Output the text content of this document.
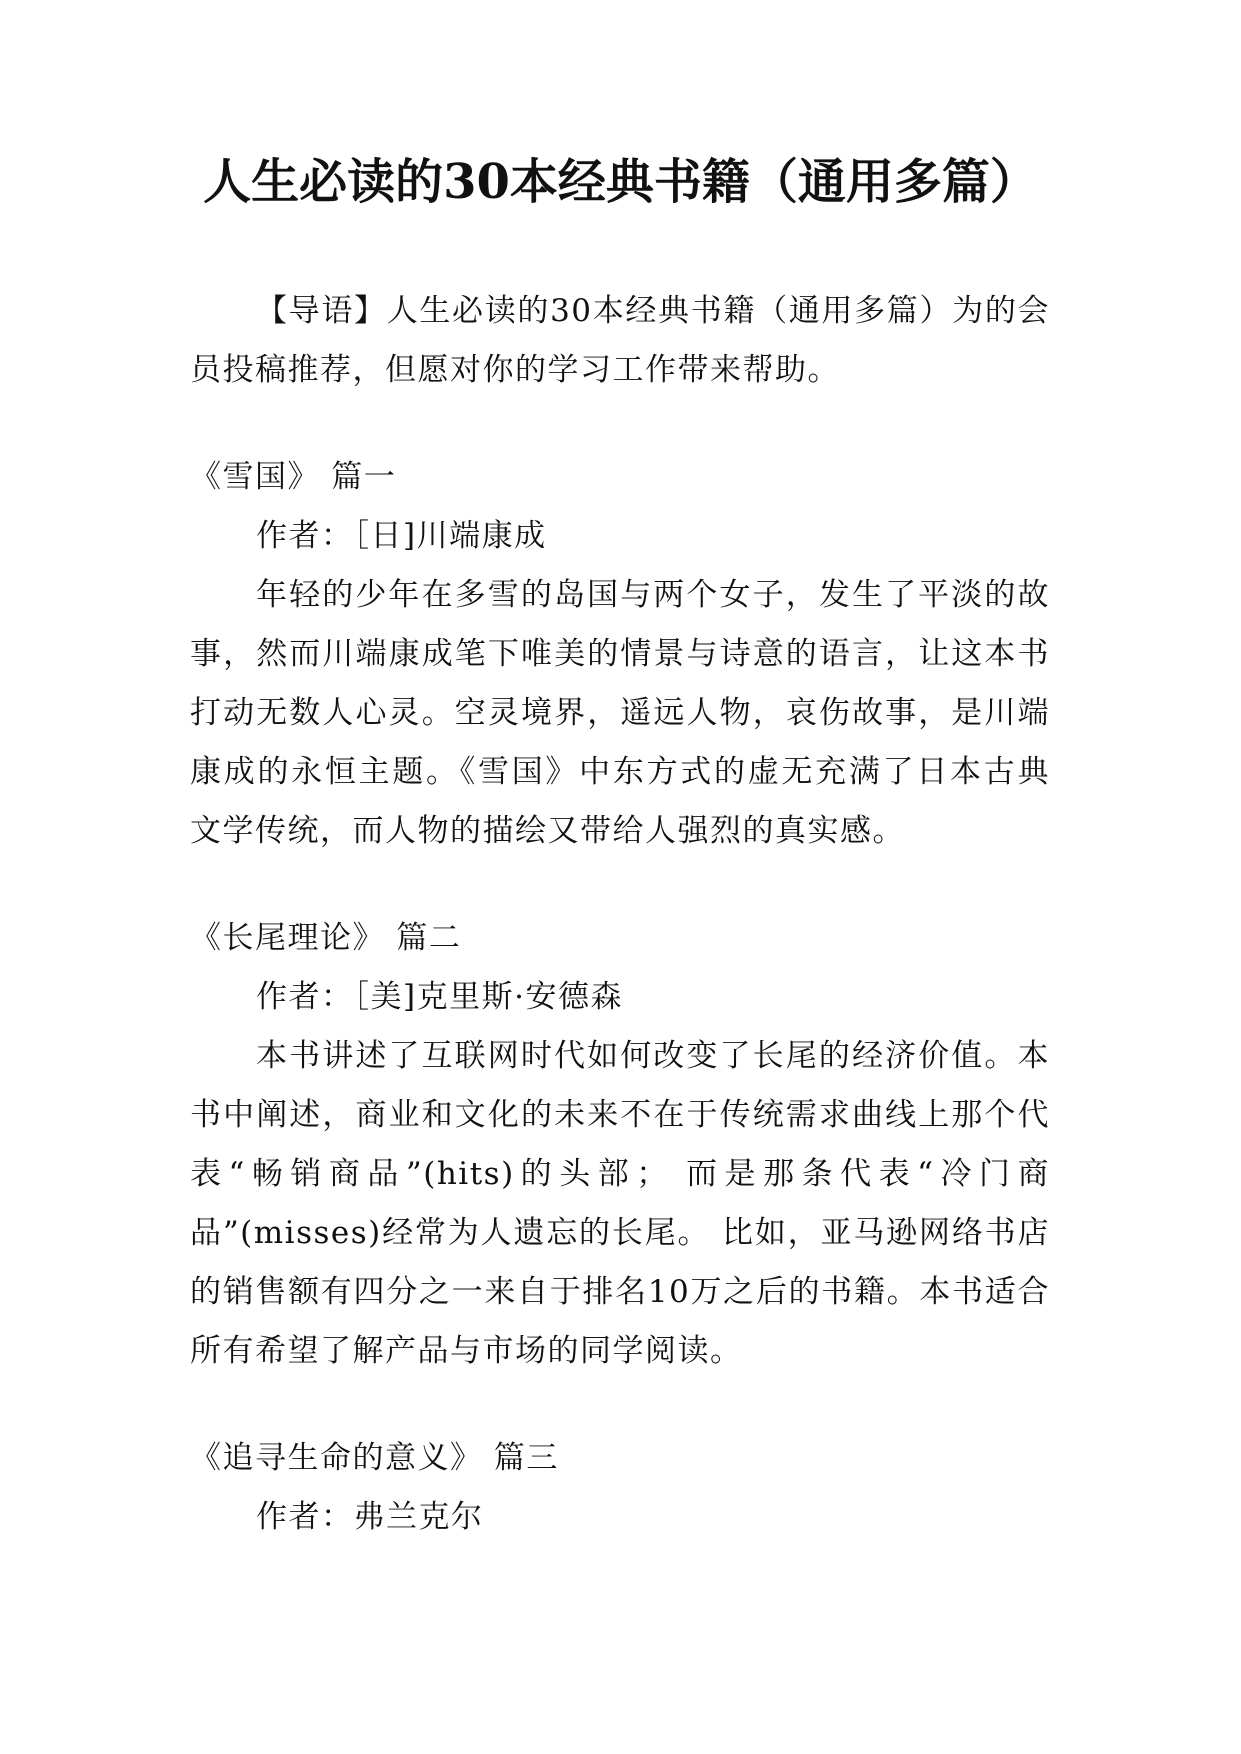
人生必读的30本经典书籍（通用多篇）

【导语】人生必读的30本经典书籍（通用多篇）为的会员投稿推荐，但愿对你的学习工作带来帮助。

《雪国》 篇一

作者：［日]川端康成

年轻的少年在多雪的岛国与两个女子，发生了平淡的故事，然而川端康成笔下唯美的情景与诗意的语言，让这本书打动无数人心灵。空灵境界，遥远人物，哀伤故事，是川端康成的永恒主题。《雪国》中东方式的虚无充满了日本古典文学传统，而人物的描绘又带给人强烈的真实感。

《长尾理论》 篇二

作者：［美]克里斯·安德森

本书讲述了互联网时代如何改变了长尾的经济价值。本书中阐述，商业和文化的未来不在于传统需求曲线上那个代表“畅销商品”(hits)的头部； 而是那条代表“冷门商品”(misses)经常为人遗忘的长尾。 比如，亚马逊网络书店的销售额有四分之一来自于排名10万之后的书籍。本书适合所有希望了解产品与市场的同学阅读。

《追寻生命的意义》 篇三

作者：弗兰克尔
